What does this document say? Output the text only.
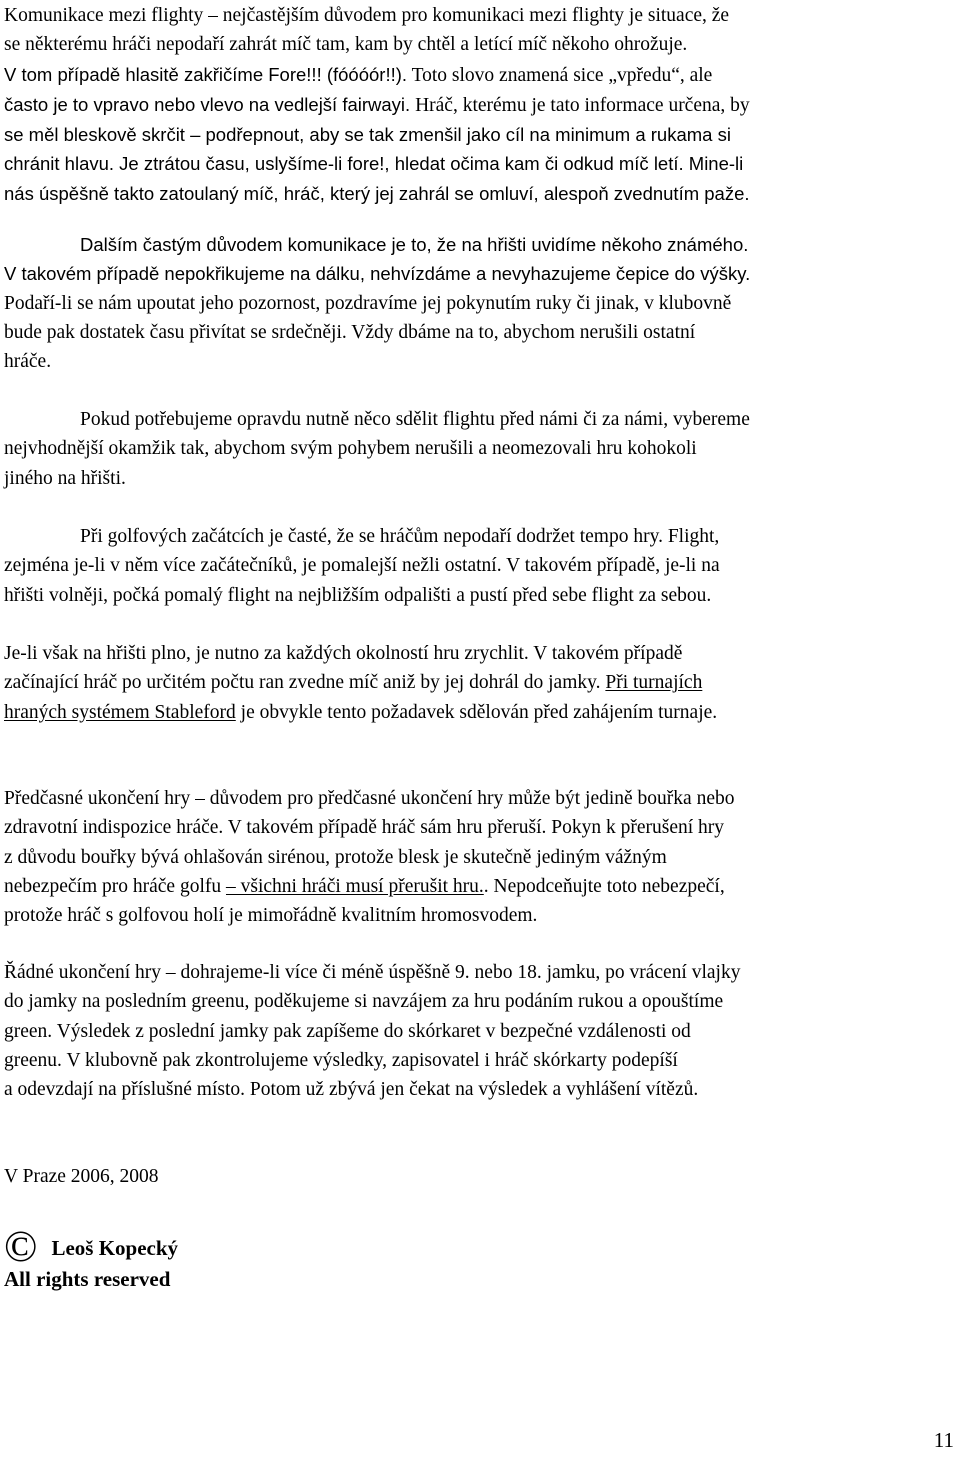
Komunikace mezi flighty – nejčastějším důvodem pro komunikaci mezi flighty je situace, že
se některému hráči nepodaří zahrát míč tam, kam by chtěl a letící míč někoho ohrožuje.
V tom případě hlasitě zakřičíme Fore!!! (fóóóór!!). Toto slovo znamená sice „vpředu“, ale
často je to vpravo nebo vlevo na vedlejší fairwayi. Hráč, kterému je tato informace určena, by
se měl bleskově skrčit – podřepnout, aby se tak zmenšil jako cíl na minimum a rukama si
chránit hlavu. Je ztrátou času, uslyšíme-li fore!, hledat očima kam či odkud míč letí. Mine-li
nás úspěšně takto zatoulaný míč, hráč, který jej zahrál se omluví, alespoň zvednutím paže.

Dalším častým důvodem komunikace je to, že na hřišti uvidíme někoho známého.
V takovém případě nepokřikujeme na dálku, nehvízdáme a nevyhazujeme čepice do výšky.
Podaří-li se nám upoutat jeho pozornost, pozdravíme jej pokynutím ruky či jinak, v klubovně
bude pak dostatek času přivítat se srdečněji. Vždy dbáme na to, abychom nerušili ostatní
hráče.

Pokud potřebujeme opravdu nutně něco sdělit flightu před námi či za námi, vybereme
nejvhodnější okamžik tak, abychom svým pohybem nerušili a neomezovali hru kohokoli
jiného na hřišti.

Při golfových začátcích je časté, že se hráčům nepodaří dodržet tempo hry. Flight,
zejména je-li v něm více začátečníků, je pomalejší nežli ostatní. V takovém případě, je-li na
hřišti volněji, počká pomalý flight na nejbližším odpališti a pustí před sebe flight za sebou.

Je-li však na hřišti plno, je nutno za každých okolností hru zrychlit. V takovém případě
začínající hráč po určitém počtu ran zvedne míč aniž by jej dohrál do jamky. Při turnajích
hraných systémem Stableford je obvykle tento požadavek sdělován před zahájením turnaje.

Předčasné ukončení hry – důvodem pro předčasné ukončení hry může být jedině bouřka nebo
zdravotní indispozice hráče. V takovém případě hráč sám hru přeruší. Pokyn k přerušení hry
z důvodu bouřky bývá ohlašován sirénou, protože blesk je skutečně jediným vážným
nebezpečím pro hráče golfu – všichni hráči musí přerušit hru.. Nepodceňujte toto nebezpečí,
protože hráč s golfovou holí je mimořádně kvalitním hromosvodem.

Řádné ukončení hry – dohrajeme-li více či méně úspěšně 9. nebo 18. jamku, po vrácení vlajky
do jamky na posledním greenu, poděkujeme si navzájem za hru podáním rukou a opouštíme
green. Výsledek z poslední jamky pak zapíšeme do skórkaret v bezpečné vzdálenosti od
greenu. V klubovně pak zkontrolujeme výsledky, zapisovatel i hráč skórkarty podepíší
a odevzdají na příslušné místo. Potom už zbývá jen čekat na výsledek a vyhlášení vítězů.

V Praze 2006, 2008
© Leoš Kopecký
All rights reserved
11
